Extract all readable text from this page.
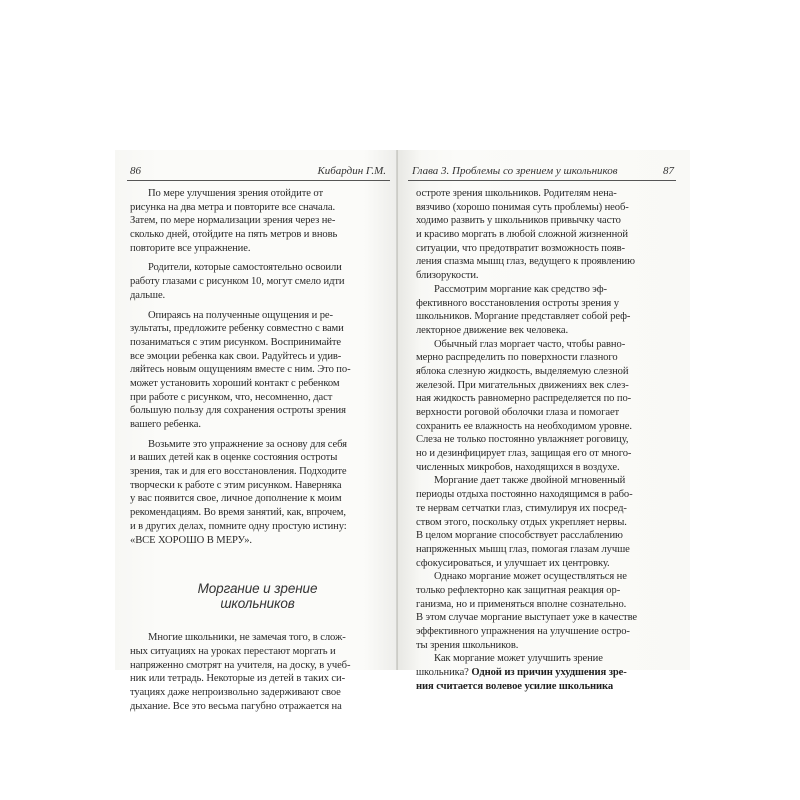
86	Кибардин Г.М.
По мере улучшения зрения отойдите от
рисунка на два метра и повторите все сначала.
Затем, по мере нормализации зрения через не-
сколько дней, отойдите на пять метров и вновь
повторите все упражнение.
Родители, которые самостоятельно освоили
работу глазами с рисунком 10, могут смело идти
дальше.
Опираясь на полученные ощущения и ре-
зультаты, предложите ребенку совместно с вами
позаниматься с этим рисунком. Воспринимайте
все эмоции ребенка как свои. Радуйтесь и удив-
ляйтесь новым ощущениям вместе с ним. Это по-
может установить хороший контакт с ребенком
при работе с рисунком, что, несомненно, даст
большую пользу для сохранения остроты зрения
вашего ребенка.
Возьмите это упражнение за основу для себя
и ваших детей как в оценке состояния остроты
зрения, так и для его восстановления. Подходите
творчески к работе с этим рисунком. Наверняка
у вас появится свое, личное дополнение к моим
рекомендациям. Во время занятий, как, впрочем,
и в других делах, помните одну простую истину:
«ВСЕ ХОРОШО В МЕРУ».
Моргание и зрение
школьников
Многие школьники, не замечая того, в слож-
ных ситуациях на уроках перестают моргать и
напряженно смотрят на учителя, на доску, в учеб-
ник или тетрадь. Некоторые из детей в таких си-
туациях даже непроизвольно задерживают свое
дыхание. Все это весьма пагубно отражается на
Глава 3. Проблемы со зрением у школьников	87
остроте зрения школьников. Родителям нена-
вязчиво (хорошо понимая суть проблемы) необ-
ходимо развить у школьников привычку часто
и красиво моргать в любой сложной жизненной
ситуации, что предотвратит возможность появ-
ления спазма мышц глаз, ведущего к проявлению
близорукости.
Рассмотрим моргание как средство эф-
фективного восстановления остроты зрения у
школьников. Моргание представляет собой реф-
лекторное движение век человека.
Обычный глаз моргает часто, чтобы равно-
мерно распределить по поверхности глазного
яблока слезную жидкость, выделяемую слезной
железой. При мигательных движениях век слез-
ная жидкость равномерно распределяется по по-
верхности роговой оболочки глаза и помогает
сохранить ее влажность на необходимом уровне.
Слеза не только постоянно увлажняет роговицу,
но и дезинфицирует глаз, защищая его от много-
численных микробов, находящихся в воздухе.
Моргание дает также двойной мгновенный
периоды отдыха постоянно находящимся в рабо-
те нервам сетчатки глаз, стимулируя их посред-
ством этого, поскольку отдых укрепляет нервы.
В целом моргание способствует расслаблению
напряженных мышц глаз, помогая глазам лучше
сфокусироваться, и улучшает их центровку.
Однако моргание может осуществляться не
только рефлекторно как защитная реакция ор-
ганизма, но и применяться вполне сознательно.
В этом случае моргание выступает уже в качестве
эффективного упражнения на улучшение остро-
ты зрения школьников.
Как моргание может улучшить зрение
школьника? Одной из причин ухудшения зре-
ния считается волевое усилие школьника
